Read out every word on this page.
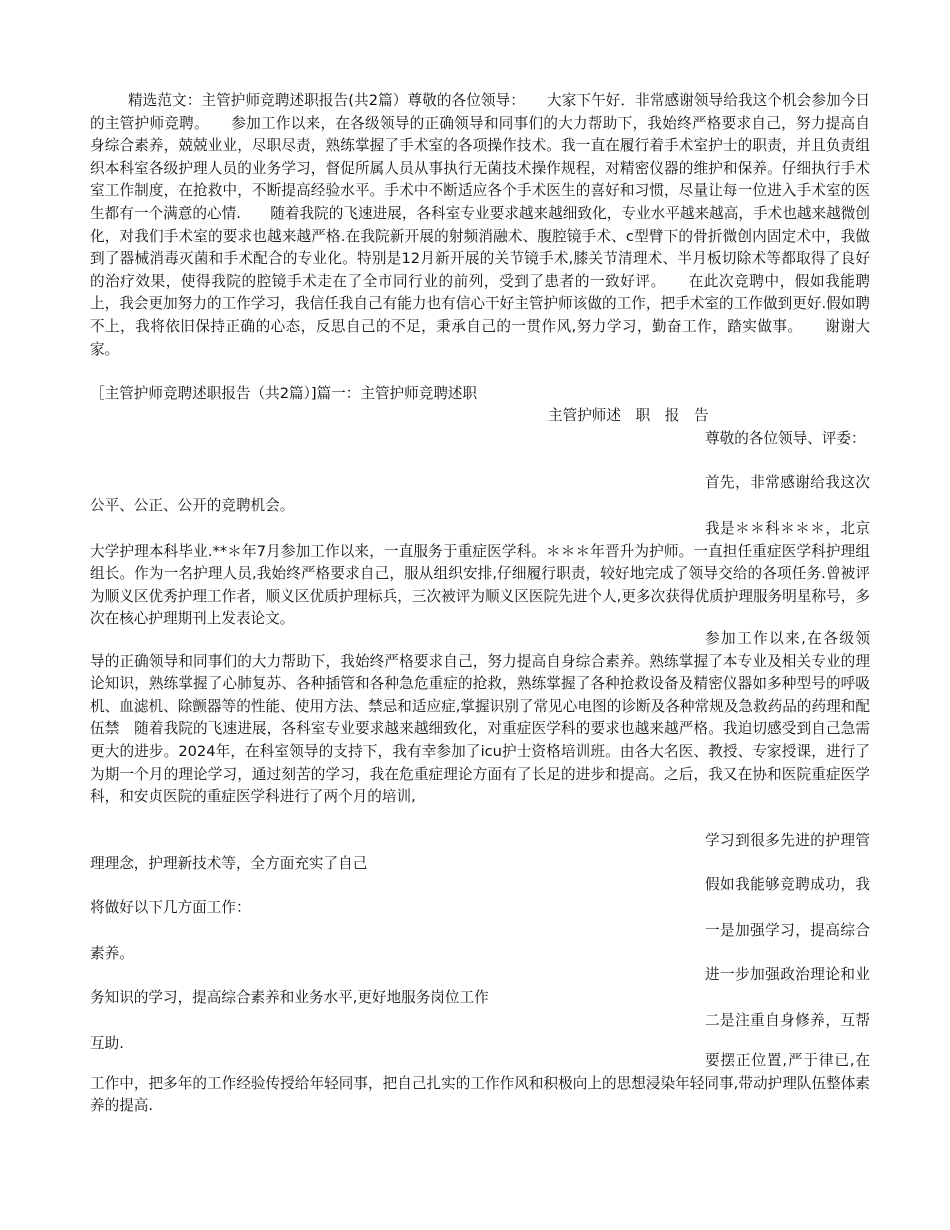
精选范文：主管护师竞聘述职报告(共2篇）尊敬的各位领导：　　大家下午好．非常感谢领导给我这个机会参加今日的主管护师竞聘。　　参加工作以来，在各级领导的正确领导和同事们的大力帮助下，我始终严格要求自己，努力提高自身综合素养，兢兢业业，尽职尽责，熟练掌握了手术室的各项操作技术。我一直在履行着手术室护士的职责，并且负责组织本科室各级护理人员的业务学习，督促所属人员从事执行无菌技术操作规程，对精密仪器的维护和保养。仔细执行手术室工作制度，在抢救中，不断提高经验水平。手术中不断适应各个手术医生的喜好和习惯，尽量让每一位进入手术室的医生都有一个满意的心情.　　随着我院的飞速进展，各科室专业要求越来越细致化，专业水平越来越高，手术也越来越微创化，对我们手术室的要求也越来越严格.在我院新开展的射频消融术、腹腔镜手术、c型臂下的骨折微创内固定术中，我做到了器械消毒灭菌和手术配合的专业化。特别是12月新开展的关节镜手术,膝关节清理术、半月板切除术等都取得了良好的治疗效果，使得我院的腔镜手术走在了全市同行业的前列，受到了患者的一致好评。　　在此次竞聘中，假如我能聘上，我会更加努力的工作学习，我信任我自己有能力也有信心干好主管护师该做的工作，把手术室的工作做到更好.假如聘不上，我将依旧保持正确的心态，反思自己的不足，秉承自己的一贯作风,努力学习，勤奋工作，踏实做事。　　谢谢大家。

［主管护师竞聘述职报告（共2篇）]篇一：主管护师竞聘述职

主管护师述　职　报　告

尊敬的各位领导、评委：

首先，非常感谢给我这次公平、公正、公开的竞聘机会。

我是＊＊科＊＊＊，北京大学护理本科毕业.**＊年7月参加工作以来，一直服务于重症医学科。＊＊＊年晋升为护师。一直担任重症医学科护理组组长。作为一名护理人员,我始终严格要求自己，服从组织安排,仔细履行职责，较好地完成了领导交给的各项任务.曾被评为顺义区优秀护理工作者，顺义区优质护理标兵，三次被评为顺义区医院先进个人,更多次获得优质护理服务明星称号，多次在核心护理期刊上发表论文。

参加工作以来,在各级领导的正确领导和同事们的大力帮助下，我始终严格要求自己，努力提高自身综合素养。熟练掌握了本专业及相关专业的理论知识，熟练掌握了心肺复苏、各种插管和各种急危重症的抢救，熟练掌握了各种抢救设备及精密仪器如多种型号的呼吸机、血滤机、除颤器等的性能、使用方法、禁忌和适应症,掌握识别了常见心电图的诊断及各种常规及急救药品的药理和配伍禁　随着我院的飞速进展，各科室专业要求越来越细致化，对重症医学科的要求也越来越严格。我迫切感受到自己急需更大的进步。2024年，在科室领导的支持下，我有幸参加了icu护士资格培训班。由各大名医、教授、专家授课，进行了为期一个月的理论学习，通过刻苦的学习，我在危重症理论方面有了长足的进步和提高。之后，我又在协和医院重症医学科，和安贞医院的重症医学科进行了两个月的培训,

学习到很多先进的护理管理理念，护理新技术等，全方面充实了自己

假如我能够竞聘成功，我将做好以下几方面工作：

一是加强学习，提高综合素养。

进一步加强政治理论和业务知识的学习，提高综合素养和业务水平,更好地服务岗位工作

二是注重自身修养，互帮互助.

要摆正位置,严于律已,在工作中，把多年的工作经验传授给年轻同事，把自己扎实的工作作风和积极向上的思想浸染年轻同事,带动护理队伍整体素养的提高.
